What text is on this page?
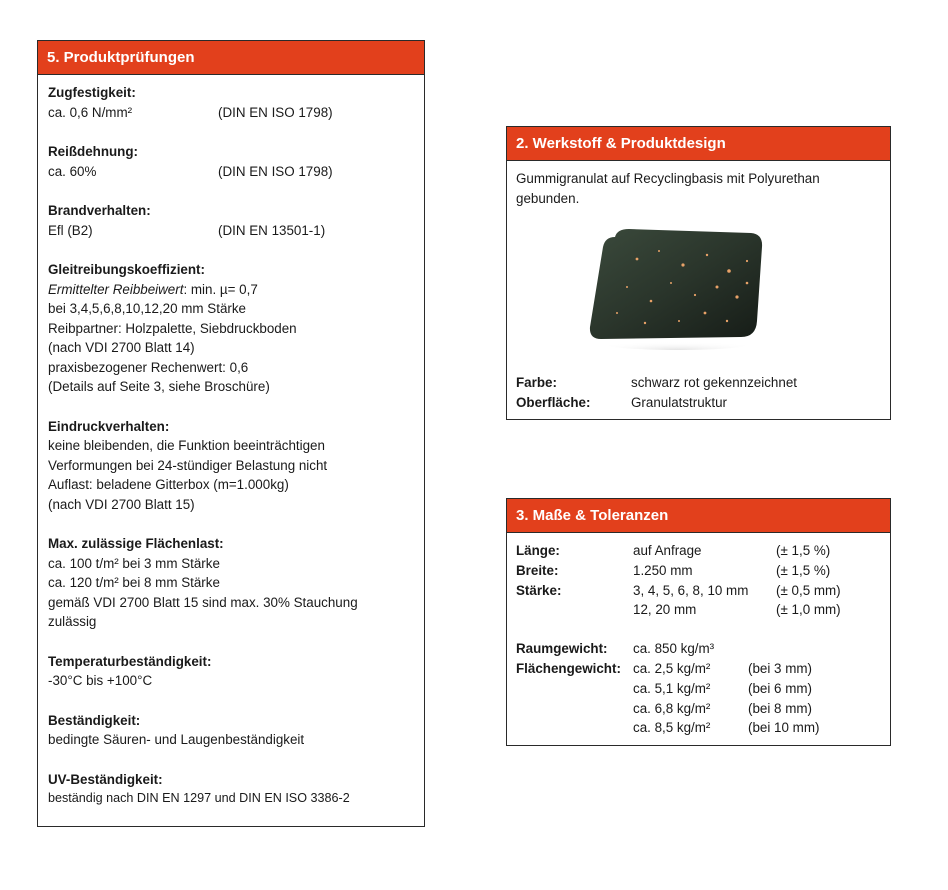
5. Produktprüfungen
Zugfestigkeit:
ca. 0,6 N/mm²	(DIN EN ISO 1798)
Reißdehnung:
ca. 60%	(DIN EN ISO 1798)
Brandverhalten:
Efl (B2)	(DIN EN 13501-1)
Gleitreibungskoeffizient:
Ermittelter Reibbeiwert: min. µ= 0,7
bei 3,4,5,6,8,10,12,20 mm Stärke
Reibpartner: Holzpalette, Siebdruckboden
(nach VDI 2700 Blatt 14)
praxisbezogener Rechenwert: 0,6
(Details auf Seite 3, siehe Broschüre)
Eindruckverhalten:
keine bleibenden, die Funktion beeinträchtigen
Verformungen bei 24-stündiger Belastung nicht
Auflast: beladene Gitterbox (m=1.000kg)
(nach VDI 2700 Blatt 15)
Max. zulässige Flächenlast:
ca. 100 t/m² bei 3 mm Stärke
ca. 120 t/m² bei 8 mm Stärke
gemäß VDI 2700 Blatt 15 sind max. 30% Stauchung
zulässig
Temperaturbeständigkeit:
-30°C bis +100°C
Beständigkeit:
bedingte Säuren- und Laugenbeständigkeit
UV-Beständigkeit:
beständig nach DIN EN 1297 und DIN EN ISO 3386-2
2. Werkstoff & Produktdesign
Gummigranulat auf Recyclingbasis mit Polyurethan
gebunden.
Farbe:	schwarz rot gekennzeichnet
Oberfläche:	Granulatstruktur
3. Maße & Toleranzen
Länge:	auf Anfrage	(± 1,5 %)
Breite:	1.250 mm	(± 1,5 %)
Stärke:	3, 4, 5, 6, 8, 10 mm	(± 0,5 mm)
12, 20 mm	(± 1,0 mm)
Raumgewicht:	ca. 850 kg/m³
Flächengewicht: ca. 2,5 kg/m²	(bei 3 mm)
ca. 5,1 kg/m²	(bei 6 mm)
ca. 6,8 kg/m²	(bei 8 mm)
ca. 8,5 kg/m²	(bei 10 mm)
